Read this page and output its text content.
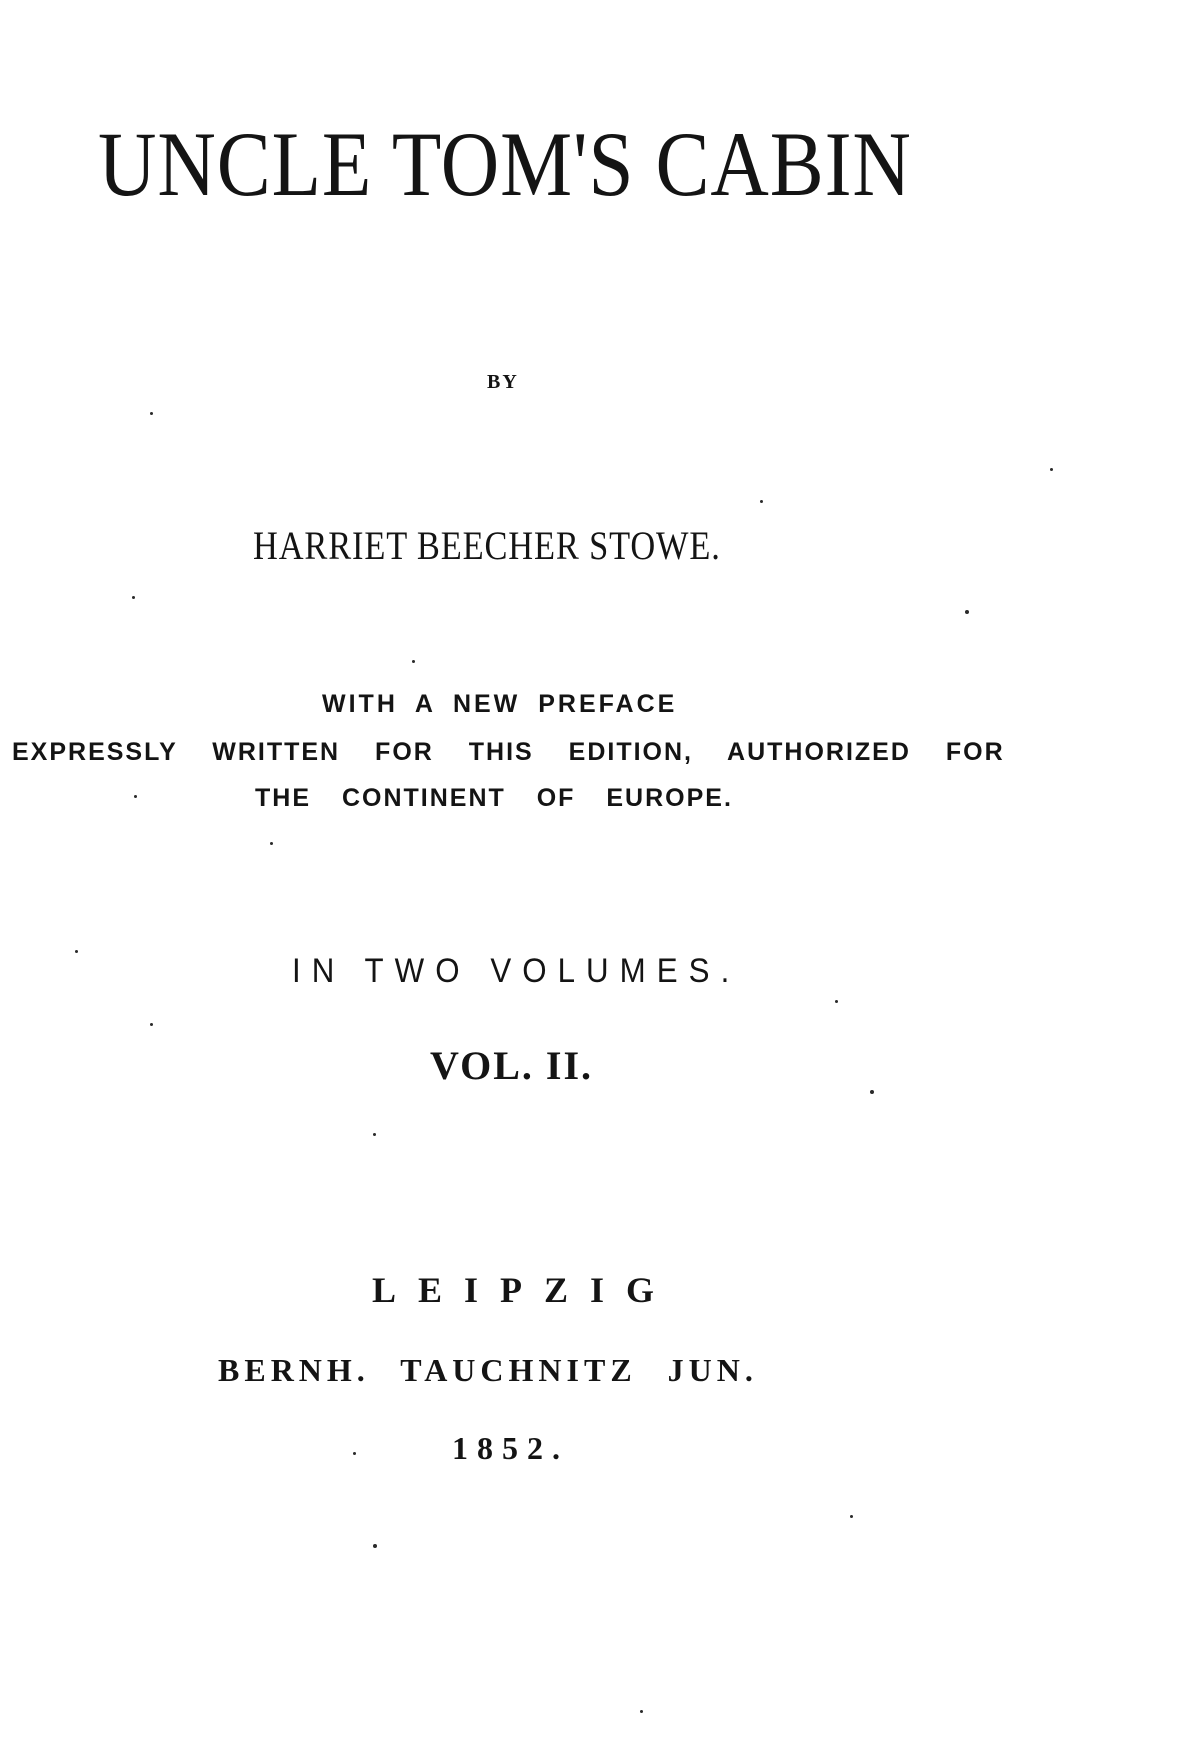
UNCLE TOM'S CABIN
BY
HARRIET BEECHER STOWE.
WITH A NEW PREFACE
EXPRESSLY WRITTEN FOR THIS EDITION, AUTHORIZED FOR
THE CONTINENT OF EUROPE.
IN TWO VOLUMES.
VOL. II.
LEIPZIG
BERNH. TAUCHNITZ JUN.
1852.
